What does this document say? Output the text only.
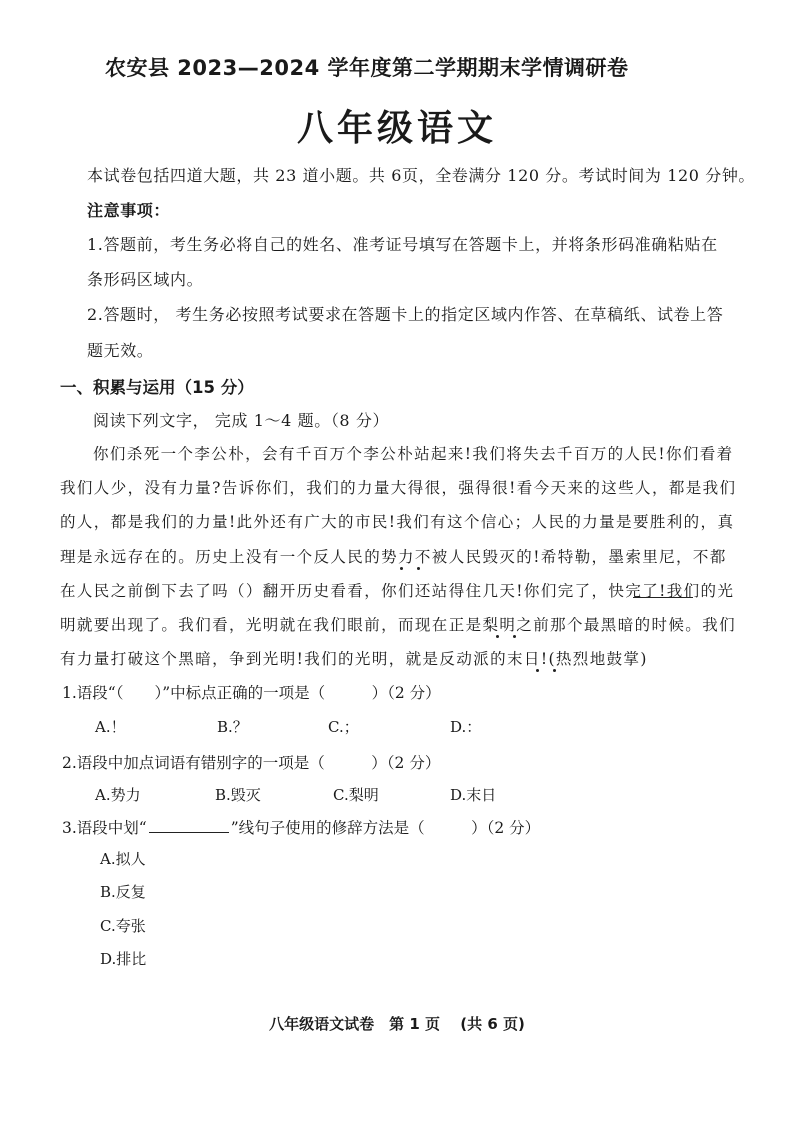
农安县 2023—2024 学年度第二学期期末学情调研卷
八年级语文
本试卷包括四道大题，共 23 道小题。共 6页，全卷满分 120 分。考试时间为 120 分钟。
注意事项：
1.答题前，考生务必将自己的姓名、准考证号填写在答题卡上，并将条形码准确粘贴在
条形码区域内。
2.答题时， 考生务必按照考试要求在答题卡上的指定区域内作答、在草稿纸、试卷上答
题无效。
一、积累与运用（15 分）
阅读下列文字， 完成 1～4 题。（8 分）
你们杀死一个李公朴，会有千百万个李公朴站起来!我们将失去千百万的人民!你们看着
我们人少，没有力量?告诉你们，我们的力量大得很，强得很!看今天来的这些人，都是我们
的人，都是我们的力量!此外还有广大的市民!我们有这个信心；人民的力量是要胜利的，真
理是永远存在的。历史上没有一个反人民的势力不被人民毁灭的!希特勒，墨索里尼，不都
在人民之前倒下去了吗（）翻开历史看看，你们还站得住几天!你们完了，快完了!我们的光
明就要出现了。我们看，光明就在我们眼前，而现在正是梨明之前那个最黑暗的时候。我们
有力量打破这个黑暗，争到光明!我们的光明，就是反动派的末日!(热烈地鼓掌)
1.语段“（　　）”中标点正确的一项是（　　　）（2 分）
A.！	B.？	C.；	D.：
2.语段中加点词语有错别字的一项是（　　　）（2 分）
A.势力	B.毁灭	C.梨明	D.末日
3.语段中划“	”线句子使用的修辞方法是（　　　）（2 分）
A.拟人
B.反复
C.夸张
D.排比
八年级语文试卷　第 1 页　 (共 6 页)
